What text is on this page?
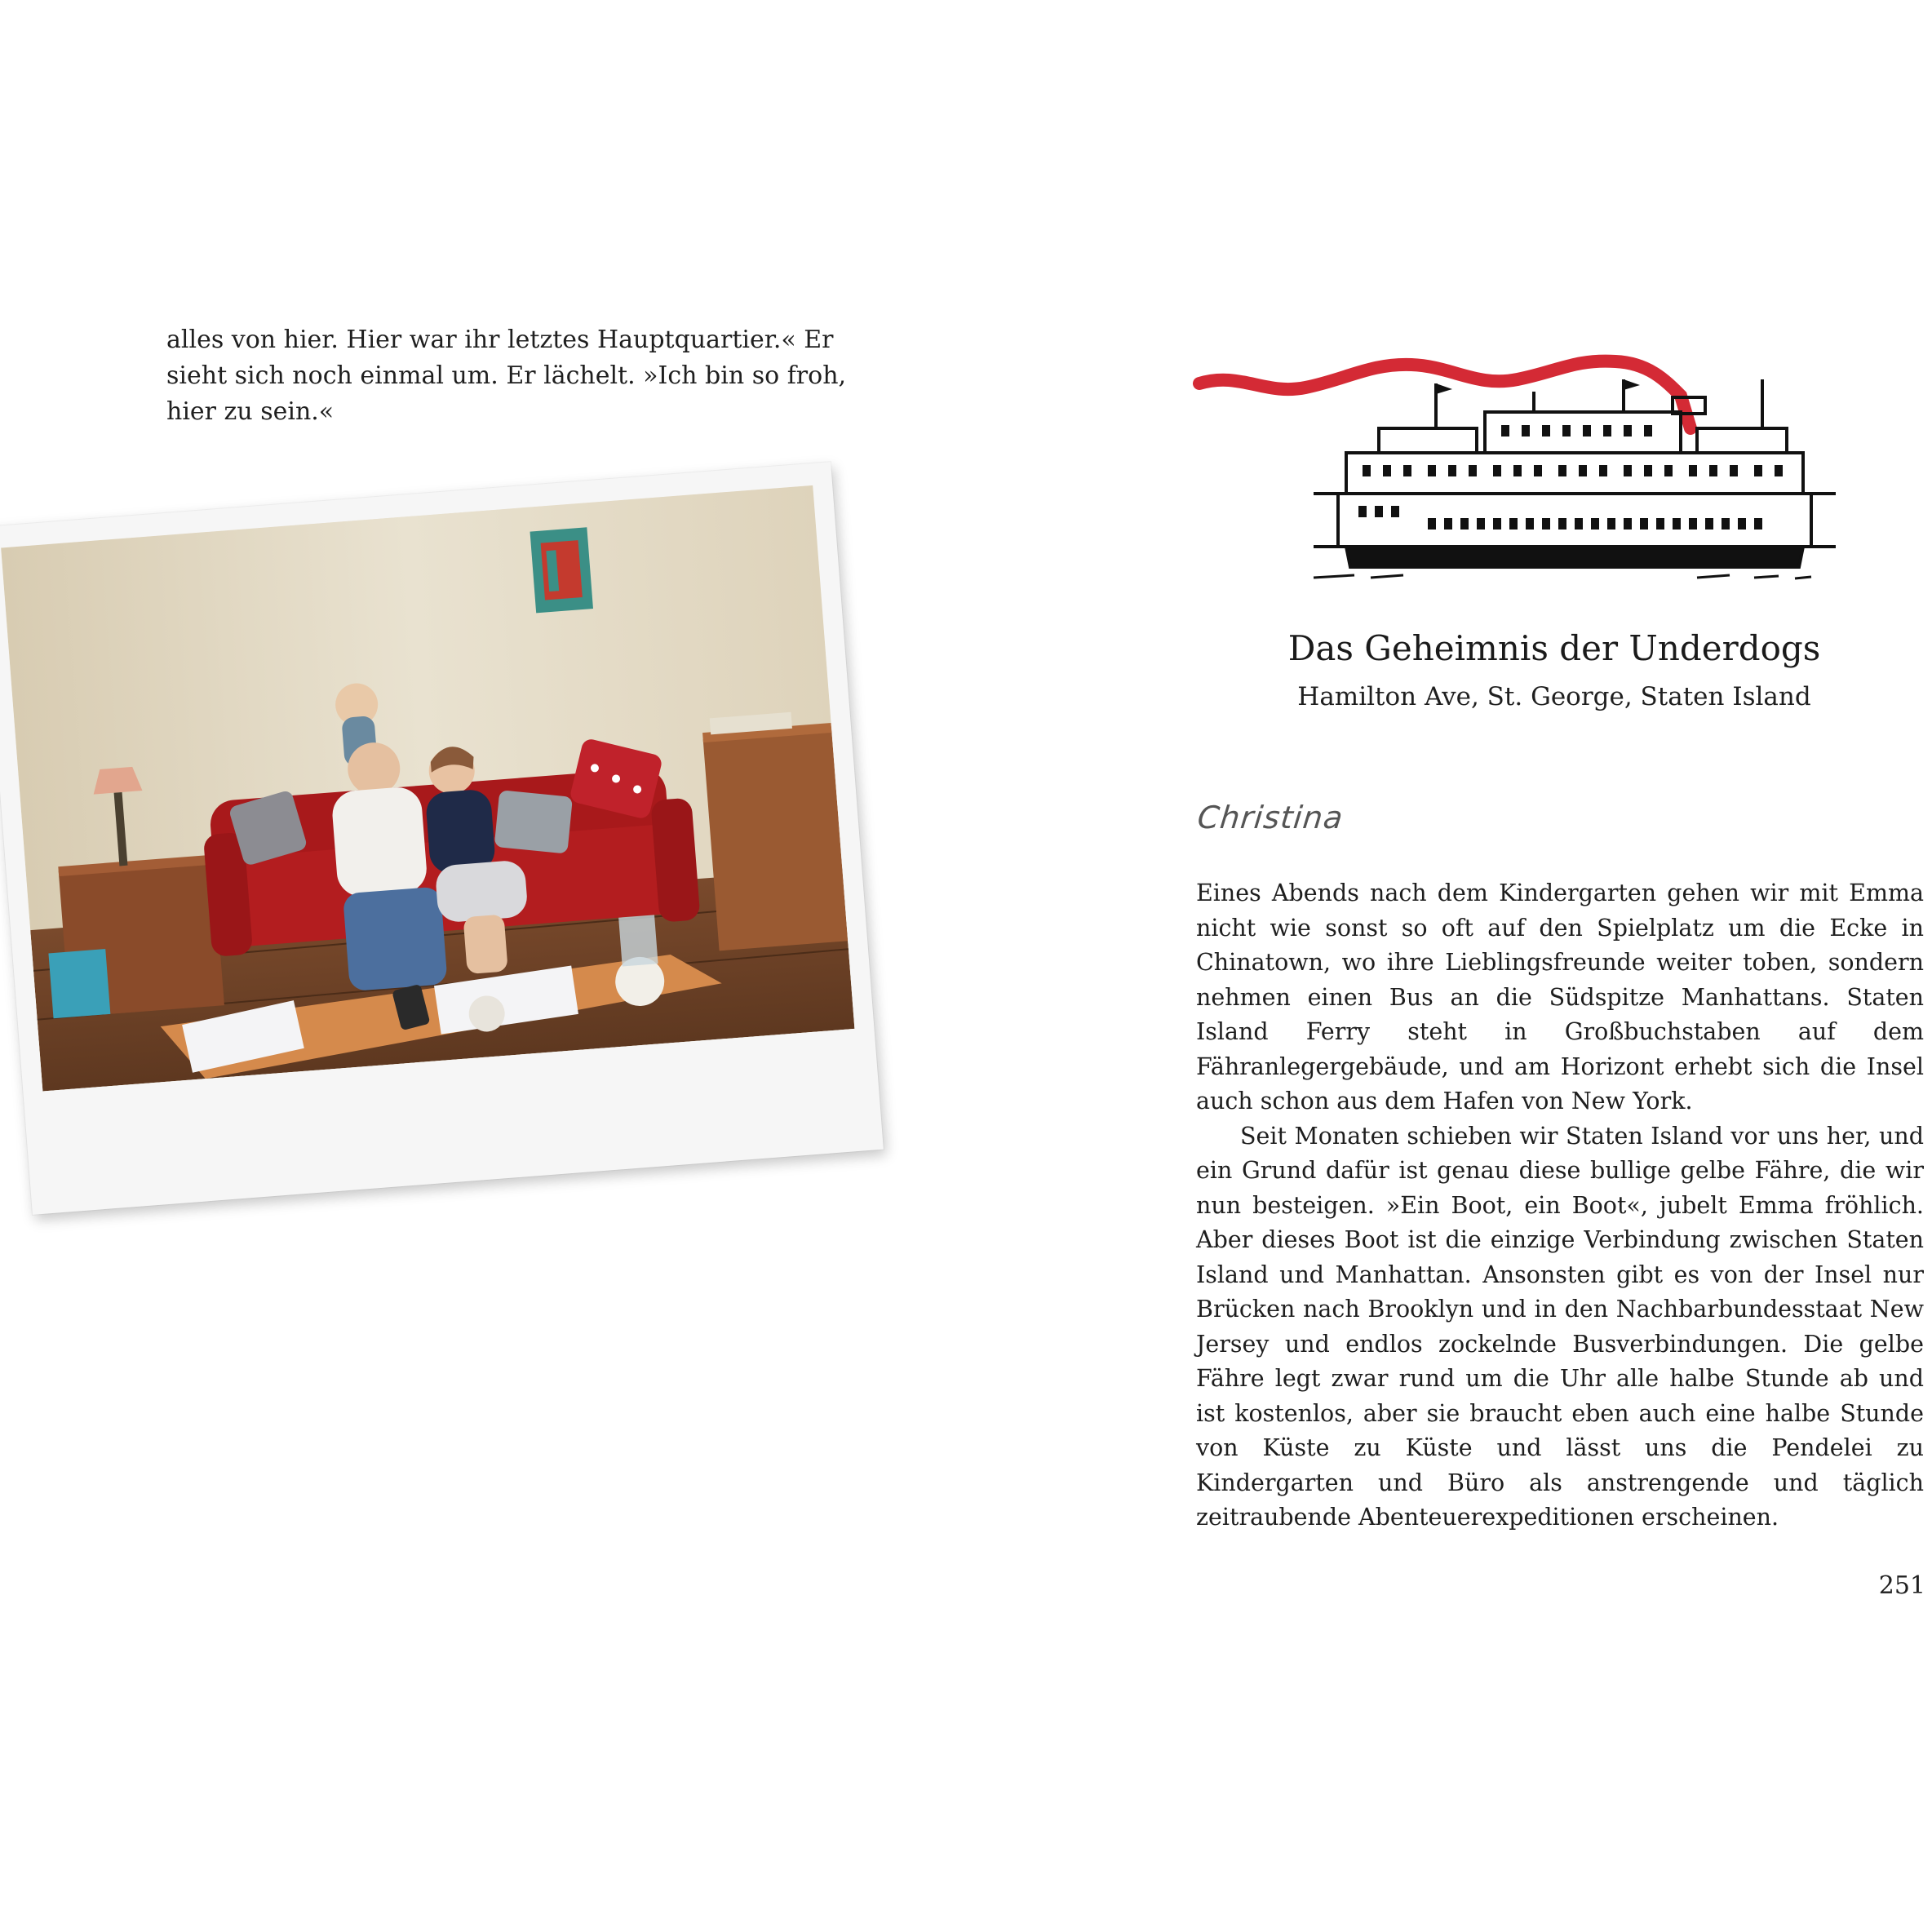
alles von hier. Hier war ihr letztes Hauptquartier.« Er sieht sich noch einmal um. Er lächelt. »Ich bin so froh, hier zu sein.«

Das Geheimnis der Underdogs
Hamilton Ave, St. George, Staten Island
Christina

Eines Abends nach dem Kindergarten gehen wir mit Emma nicht wie sonst so oft auf den Spielplatz um die Ecke in Chinatown, wo ihre Lieblingsfreunde weiter toben, sondern nehmen einen Bus an die Südspitze Manhattans. Staten Island Ferry steht in Großbuchstaben auf dem Fähranlegergebäude, und am Horizont erhebt sich die Insel auch schon aus dem Hafen von New York.

Seit Monaten schieben wir Staten Island vor uns her, und ein Grund dafür ist genau diese bullige gelbe Fähre, die wir nun besteigen. »Ein Boot, ein Boot«, jubelt Emma fröhlich. Aber dieses Boot ist die einzige Verbindung zwischen Staten Island und Manhattan. Ansonsten gibt es von der Insel nur Brücken nach Brooklyn und in den Nachbarbundesstaat New Jersey und endlos zockelnde Busverbindungen. Die gelbe Fähre legt zwar rund um die Uhr alle halbe Stunde ab und ist kostenlos, aber sie braucht eben auch eine halbe Stunde von Küste zu Küste und lässt uns die Pendelei zu Kindergarten und Büro als anstrengende und täglich zeitraubende Abenteuerexpeditionen erscheinen.

251
